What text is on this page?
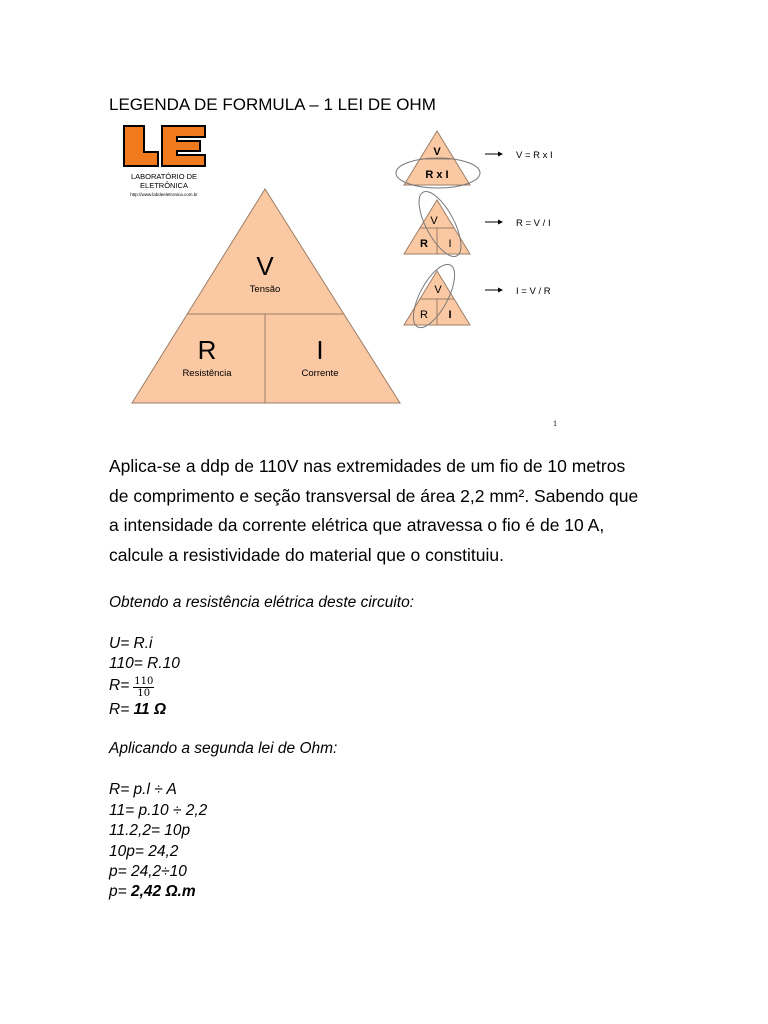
LEGENDA DE FORMULA – 1 LEI DE OHM
LABORATÓRIO DE
ELETRÔNICA
http://www.labdeeletronica.com.br
V
Tensão
R
Resistência
I
Corrente
V
R x I
V = R x I
V
R I
R = V / I
V
R I
I = V / R
1
Aplica-se a ddp de 110V nas extremidades de um fio de 10 metros
de comprimento e seção transversal de área 2,2 mm². Sabendo que
a intensidade da corrente elétrica que atravessa o fio é de 10 A,
calcule a resistividade do material que o constituiu.
Obtendo a resistência elétrica deste circuito:
U= R.i
110= R.10
$R= \frac{110}{10}$
R= 11 Ω
Aplicando a segunda lei de Ohm:
R= p.l ÷ A
11= p.10 ÷ 2,2
11.2,2= 10p
10p= 24,2
p= 24,2÷10
p= 2,42 Ω.m
